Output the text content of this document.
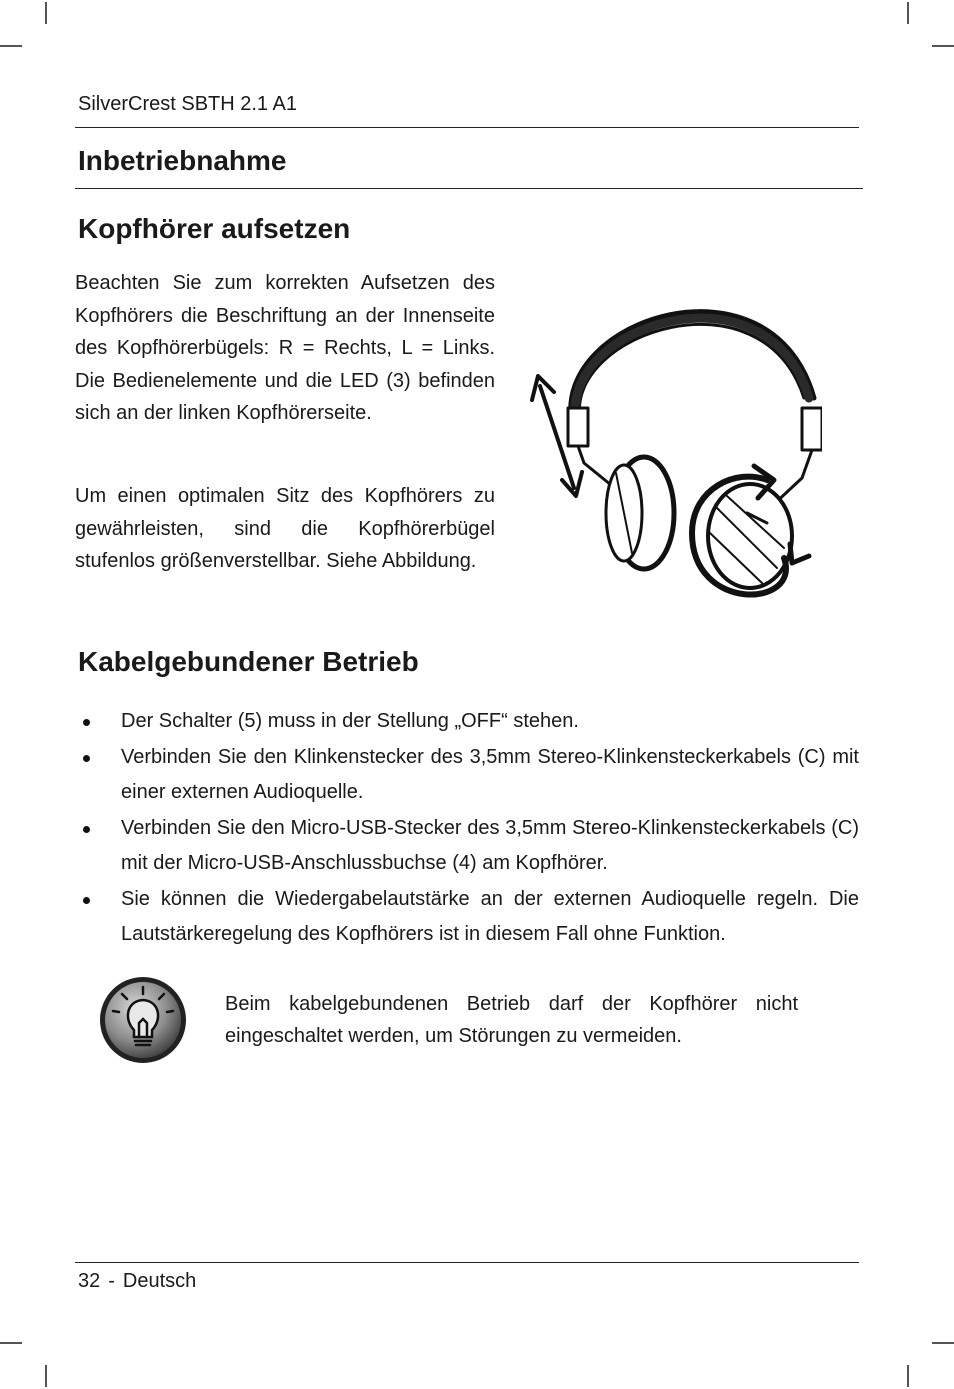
SilverCrest SBTH 2.1 A1
Inbetriebnahme
Kopfhörer aufsetzen

Beachten Sie zum korrekten Aufsetzen des Kopfhörers die Beschriftung an der Innenseite des Kopfhörerbügels: R = Rechts, L = Links. Die Bedienelemente und die LED (3) befinden sich an der linken Kopfhörerseite.

Um einen optimalen Sitz des Kopfhörers zu gewährleisten, sind die Kopfhörerbügel stufenlos größenverstellbar. Siehe Abbildung.

Kabelgebundener Betrieb
Der Schalter (5) muss in der Stellung „OFF“ stehen.
Verbinden Sie den Klinkenstecker des 3,5mm Stereo-Klinkensteckerkabels (C) mit einer externen Audioquelle.
Verbinden Sie den Micro-USB-Stecker des 3,5mm Stereo-Klinkensteckerkabels (C) mit der Micro-USB-Anschlussbuchse (4) am Kopfhörer.
Sie können die Wiedergabelautstärke an der externen Audioquelle regeln. Die Lautstärkeregelung des Kopfhörers ist in diesem Fall ohne Funktion.

Beim kabelgebundenen Betrieb darf der Kopfhörer nicht eingeschaltet werden, um Störungen zu vermeiden.

32 - Deutsch
